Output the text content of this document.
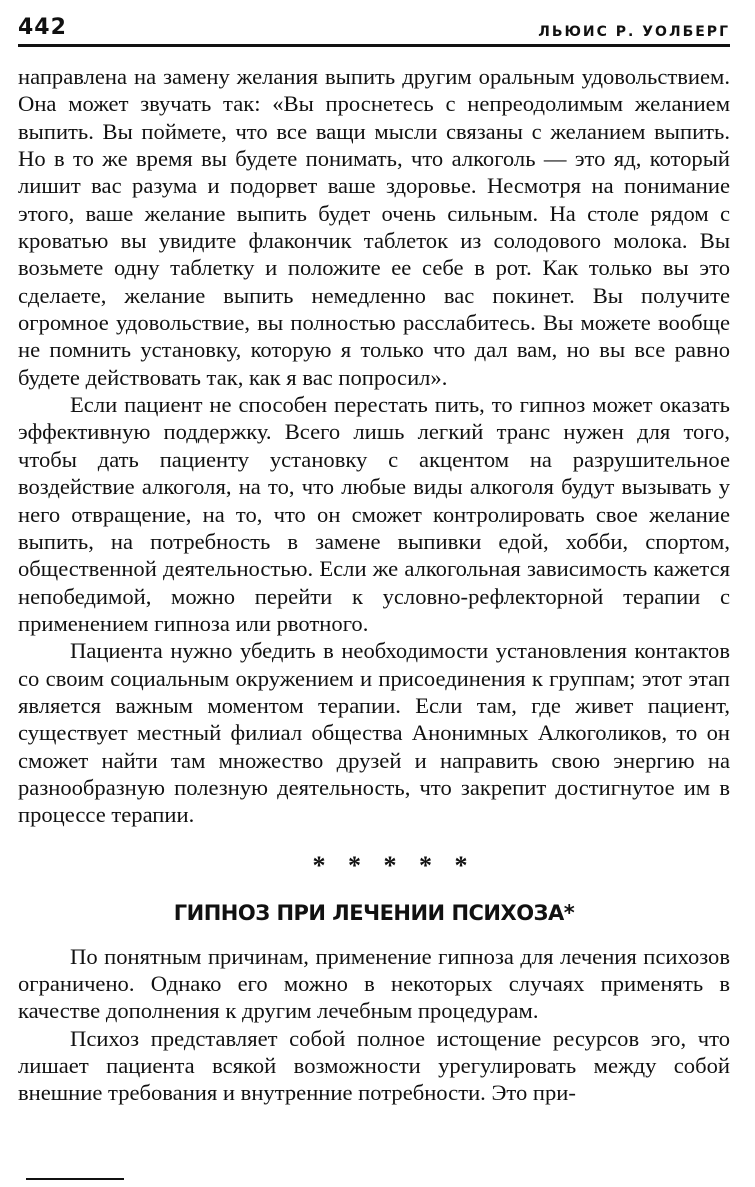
442	ЛЬЮИС Р. УОЛБЕРГ

направлена на замену желания выпить другим оральным удовольствием. Она может звучать так: «Вы проснетесь с непреодолимым желанием выпить. Вы поймете, что все ващи мысли связаны с желанием выпить. Но в то же время вы будете понимать, что алкоголь — это яд, который лишит вас разума и подорвет ваше здоровье. Несмотря на понимание этого, ваше желание выпить будет очень сильным. На столе рядом с кроватью вы увидите флакончик таблеток из солодового молока. Вы возьмете одну таблетку и положите ее себе в рот. Как только вы это сделаете, желание выпить немедленно вас покинет. Вы получите огромное удовольствие, вы полностью расслабитесь. Вы можете вообще не помнить установку, которую я только что дал вам, но вы все равно будете действовать так, как я вас попросил».

Если пациент не способен перестать пить, то гипноз может оказать эффективную поддержку. Всего лишь легкий транс нужен для того, чтобы дать пациенту установку с акцентом на разрушительное воздействие алкоголя, на то, что любые виды алкоголя будут вызывать у него отвращение, на то, что он сможет контролировать свое желание выпить, на потребность в замене выпивки едой, хобби, спортом, общественной деятельностью. Если же алкогольная зависимость кажется непобедимой, можно перейти к условно-рефлекторной терапии с применением гипноза или рвотного.

Пациента нужно убедить в необходимости установления контактов со своим социальным окружением и присоединения к группам; этот этап является важным моментом терапии. Если там, где живет пациент, существует местный филиал общества Анонимных Алкоголиков, то он сможет найти там множество друзей и направить свою энергию на разнообразную полезную деятельность, что закрепит достигнутое им в процессе терапии.

* * * * *
ГИПНОЗ ПРИ ЛЕЧЕНИИ ПСИХОЗА*

По понятным причинам, применение гипноза для лечения психозов ограничено. Однако его можно в некоторых случаях применять в качестве дополнения к другим лечебным процедурам.

Психоз представляет собой полное истощение ресурсов эго, что лишает пациента всякой возможности урегулировать между собой внешние требования и внутренние потребности. Это при-
